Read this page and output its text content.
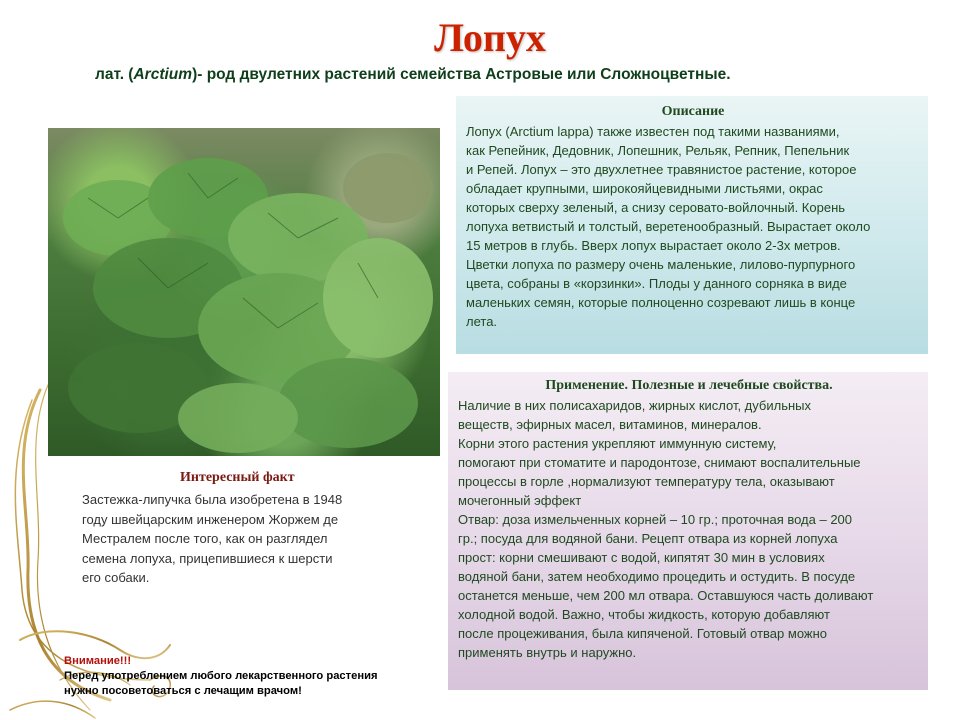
Лопух
лат. (Arctium)- род двулетних растений семейства Астровые или Сложноцветные.
Описание
Лопух (Arctium lappa) также известен под такими названиями,
как Репейник, Дедовник, Лопешник, Рельяк, Репник, Пепельник
и Репей. Лопух – это двухлетнее травянистое растение, которое
обладает крупными, широкояйцевидными листьями, окрас
которых сверху зеленый, а снизу серовато-войлочный. Корень
лопуха ветвистый и толстый, веретенообразный. Вырастает около
15 метров в глубь. Вверх лопух вырастает около 2-3х метров.
Цветки лопуха по размеру очень маленькие, лилово-пурпурного
цвета, собраны в «корзинки». Плоды у данного сорняка в виде
маленьких семян, которые полноценно созревают лишь в конце
лета.
Применение. Полезные и лечебные свойства.
Наличие в них полисахаридов, жирных кислот, дубильных
веществ, эфирных масел, витаминов, минералов.
Корни этого растения укрепляют иммунную систему,
помогают при стоматите и пародонтозе, снимают воспалительные
процессы в горле ,нормализуют температуру тела, оказывают
мочегонный эффект
Отвар: доза измельченных корней – 10 гр.; проточная вода – 200
гр.; посуда для водяной бани. Рецепт отвара из корней лопуха
прост: корни смешивают с водой, кипятят 30 мин в условиях
водяной бани, затем необходимо процедить и остудить. В посуде
останется меньше, чем 200 мл отвара. Оставшуюся часть доливают
холодной водой. Важно, чтобы жидкость, которую добавляют
после процеживания, была кипяченой. Готовый отвар можно
применять внутрь и наружно.
Интересный факт
Застежка-липучка была изобретена в 1948
году швейцарским инженером Жоржем де
Местралем после того, как он разглядел
семена лопуха, прицепившиеся к шерсти
его собаки.
Внимание!!!
Перед употреблением любого лекарственного растения
нужно посоветоваться с лечащим врачом!
